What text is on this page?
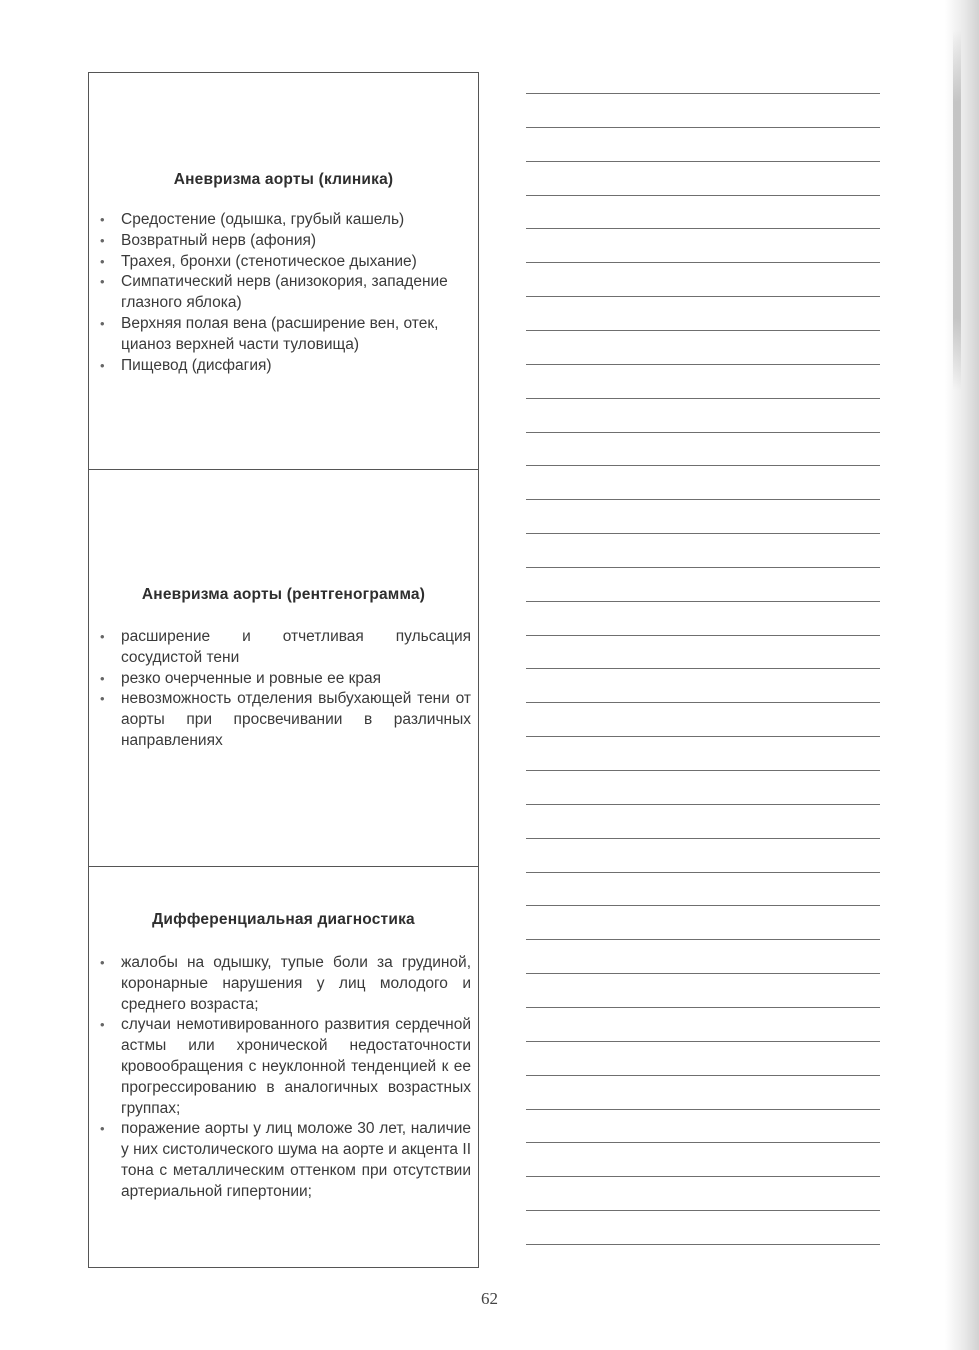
Аневризма аорты (клиника)
• Средостение (одышка, грубый кашель)
• Возвратный нерв (афония)
• Трахея, бронхи (стенотическое дыхание)
• Симпатический нерв (анизокория, западение глазного яблока)
• Верхняя полая вена (расширение вен, отек, цианоз верхней части туловища)
• Пищевод (дисфагия)
Аневризма аорты (рентгенограмма)
• расширение и отчетливая пульсация сосудистой тени
• резко очерченные и ровные ее края
• невозможность отделения выбухающей тени от аорты при просвечивании в различных направлениях
Дифференциальная диагностика
• жалобы на одышку, тупые боли за грудиной, коронарные нарушения у лиц молодого и среднего возраста;
• случаи немотивированного развития сердечной астмы или хронической недостаточности кровообращения с неуклонной тенденцией к ее прогрессированию в аналогичных возрастных группах;
• поражение аорты у лиц моложе 30 лет, наличие у них систолического шума на аорте и акцента II тона с металлическим оттенком при отсутствии артериальной гипертонии;
62
